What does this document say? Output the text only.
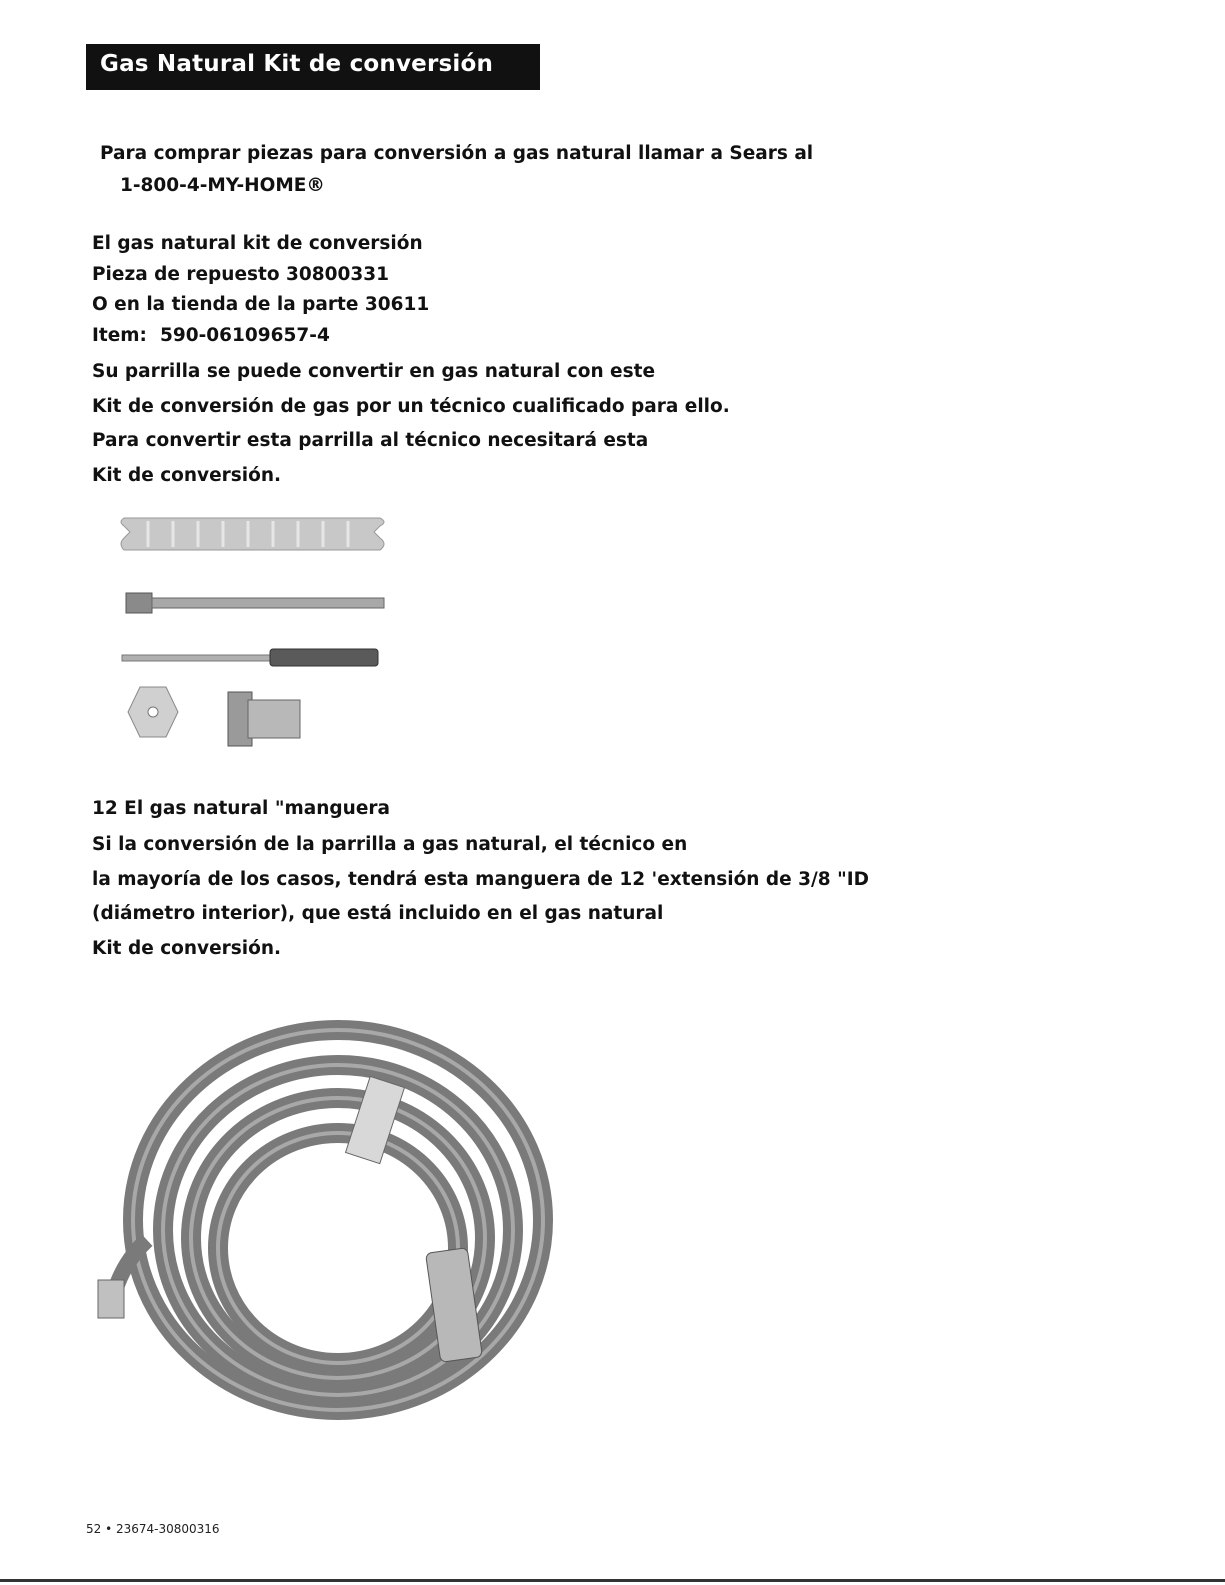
Gas Natural Kit de conversión
Para comprar piezas para conversión a gas natural llamar a Sears al
1-800-4-MY-HOME®
El gas natural kit de conversión
Pieza de repuesto 30800331
O en la tienda de la parte 30611
Item: 590-06109657-4
Su parrilla se puede convertir en gas natural con este
Kit de conversión de gas por un técnico cualificado para ello.
Para convertir esta parrilla al técnico necesitará esta
Kit de conversión.
12 El gas natural "manguera
Si la conversión de la parrilla a gas natural, el técnico en
la mayoría de los casos, tendrá esta manguera de 12 'extensión de 3/8 "ID
(diámetro interior), que está incluido en el gas natural
Kit de conversión.
52 • 23674-30800316
